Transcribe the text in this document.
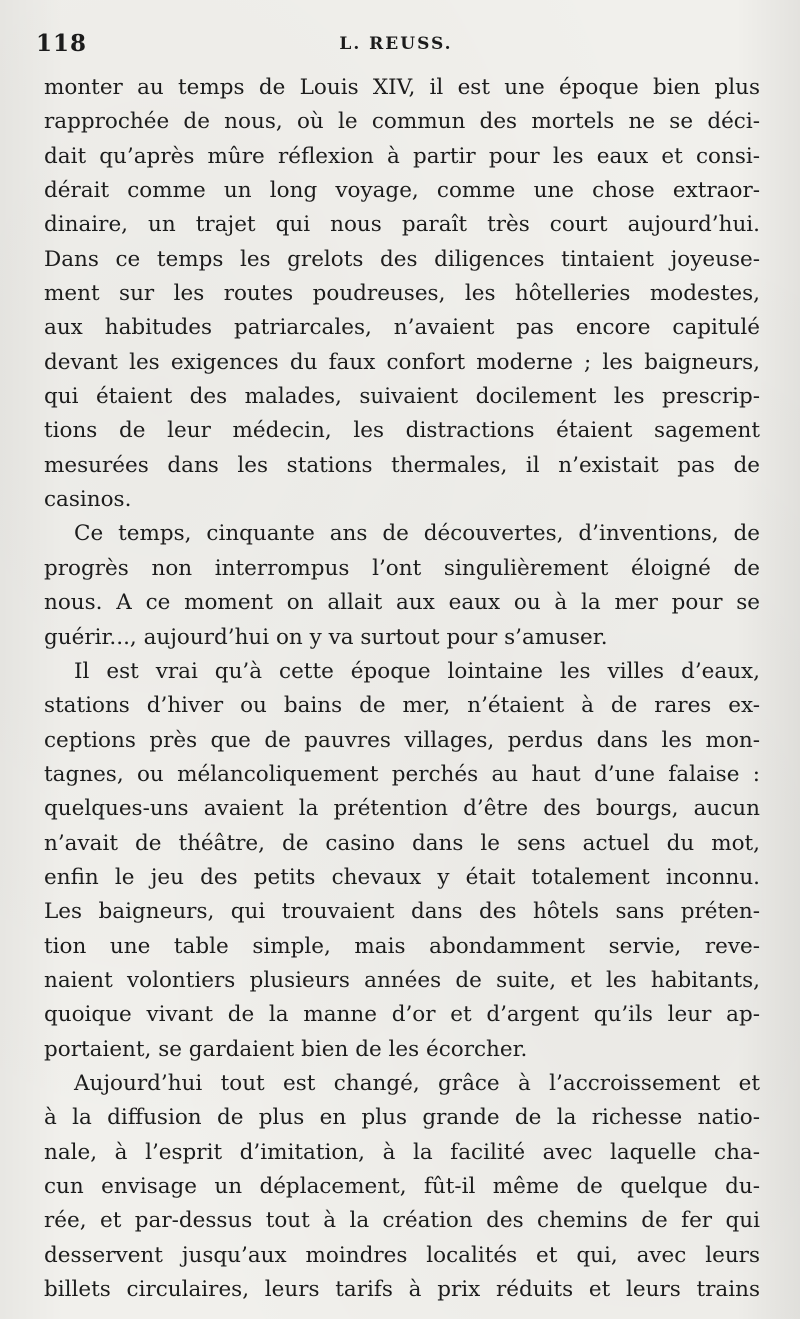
118	L. REUSS.
monter au temps de Louis XIV, il est une époque bien plus
rapprochée de nous, où le commun des mortels ne se déci-
dait qu’après mûre réflexion à partir pour les eaux et consi-
dérait comme un long voyage, comme une chose extraor-
dinaire, un trajet qui nous paraît très court aujourd’hui.
Dans ce temps les grelots des diligences tintaient joyeuse-
ment sur les routes poudreuses, les hôtelleries modestes,
aux habitudes patriarcales, n’avaient pas encore capitulé
devant les exigences du faux confort moderne ; les baigneurs,
qui étaient des malades, suivaient docilement les prescrip-
tions de leur médecin, les distractions étaient sagement
mesurées dans les stations thermales, il n’existait pas de
casinos.
Ce temps, cinquante ans de découvertes, d’inventions, de
progrès non interrompus l’ont singulièrement éloigné de
nous. A ce moment on allait aux eaux ou à la mer pour se
guérir..., aujourd’hui on y va surtout pour s’amuser.
Il est vrai qu’à cette époque lointaine les villes d’eaux,
stations d’hiver ou bains de mer, n’étaient à de rares ex-
ceptions près que de pauvres villages, perdus dans les mon-
tagnes, ou mélancoliquement perchés au haut d’une falaise :
quelques-uns avaient la prétention d’être des bourgs, aucun
n’avait de théâtre, de casino dans le sens actuel du mot,
enfin le jeu des petits chevaux y était totalement inconnu.
Les baigneurs, qui trouvaient dans des hôtels sans préten-
tion une table simple, mais abondamment servie, reve-
naient volontiers plusieurs années de suite, et les habitants,
quoique vivant de la manne d’or et d’argent qu’ils leur ap-
portaient, se gardaient bien de les écorcher.
Aujourd’hui tout est changé, grâce à l’accroissement et
à la diffusion de plus en plus grande de la richesse natio-
nale, à l’esprit d’imitation, à la facilité avec laquelle cha-
cun envisage un déplacement, fût-il même de quelque du-
rée, et par-dessus tout à la création des chemins de fer qui
desservent jusqu’aux moindres localités et qui, avec leurs
billets circulaires, leurs tarifs à prix réduits et leurs trains
